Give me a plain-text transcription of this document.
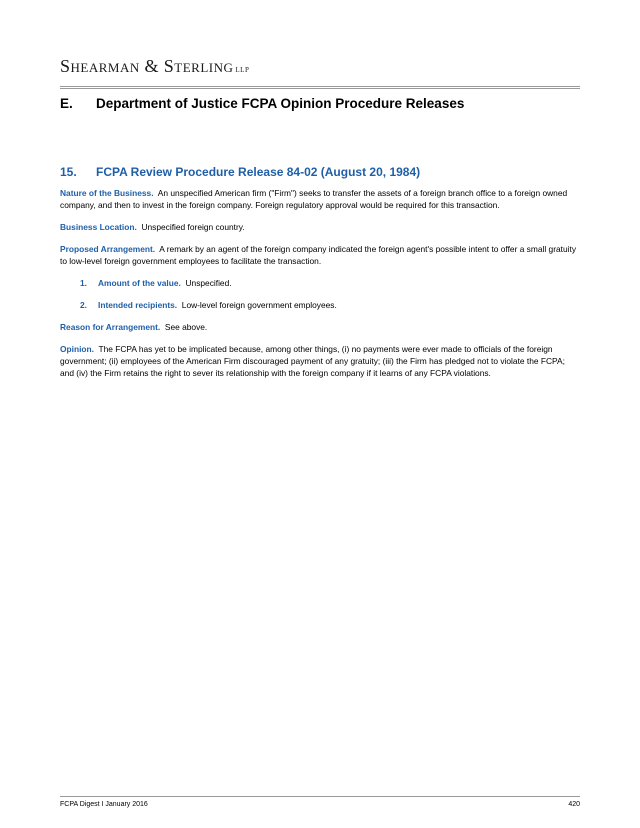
SHEARMAN & STERLING LLP
E. Department of Justice FCPA Opinion Procedure Releases
15. FCPA Review Procedure Release 84-02 (August 20, 1984)

Nature of the Business. An unspecified American firm ("Firm") seeks to transfer the assets of a foreign branch office to a foreign owned company, and then to invest in the foreign company. Foreign regulatory approval would be required for this transaction.

Business Location. Unspecified foreign country.

Proposed Arrangement. A remark by an agent of the foreign company indicated the foreign agent's possible intent to offer a small gratuity to low-level foreign government employees to facilitate the transaction.

1. Amount of the value. Unspecified.
2. Intended recipients. Low-level foreign government employees.

Reason for Arrangement. See above.

Opinion. The FCPA has yet to be implicated because, among other things, (i) no payments were ever made to officials of the foreign government; (ii) employees of the American Firm discouraged payment of any gratuity; (iii) the Firm has pledged not to violate the FCPA; and (iv) the Firm retains the right to sever its relationship with the foreign company if it learns of any FCPA violations.

FCPA Digest I January 2016	420
